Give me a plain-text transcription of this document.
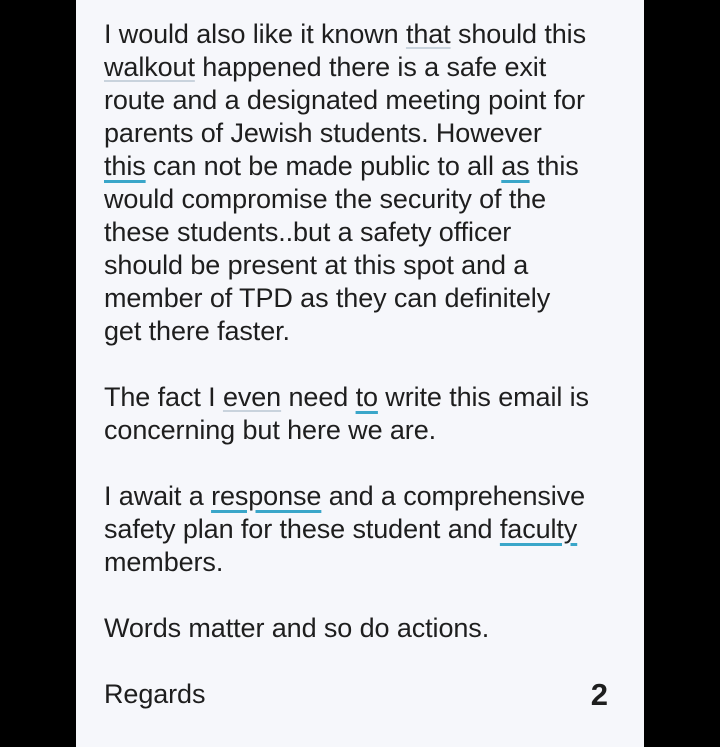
I would also like it known that should this
walkout happened there is a safe exit
route and a designated meeting point for
parents of Jewish students. However
this can not be made public to all as this
would compromise the security of the
these students..but a safety officer
should be present at this spot and a
member of TPD as they can definitely
get there faster.
The fact I even need to write this email is
concerning but here we are.
I await a response and a comprehensive
safety plan for these student and faculty
members.
Words matter and so do actions.
Regards	2
